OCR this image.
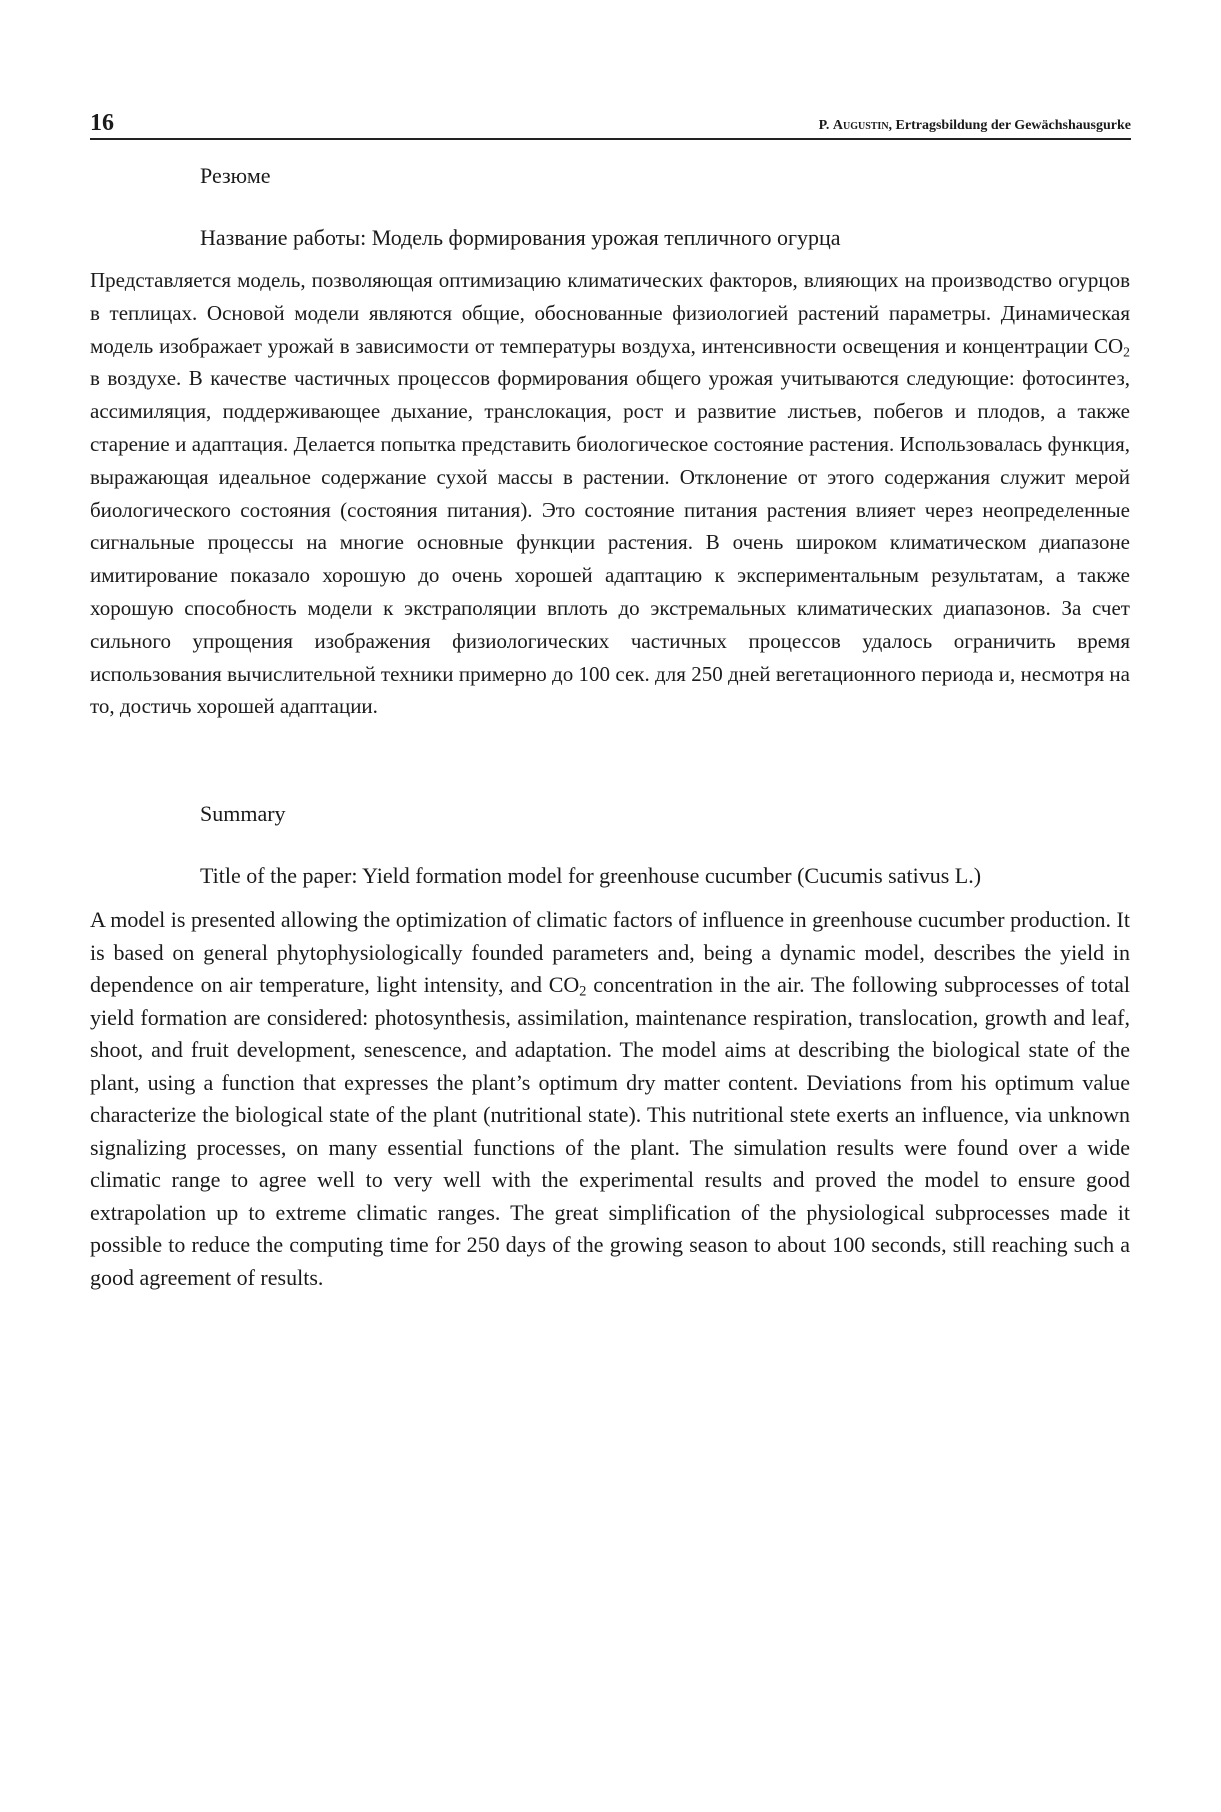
16	P. Augustin, Ertragsbildung der Gewächshausgurke

Резюме

Название работы: Модель формирования урожая тепличного огурца

Представляется модель, позволяющая оптимизацию климатических факторов, влияющих на производство огурцов в теплицах. Основой модели являются общие, обоснованные физиологией растений параметры. Динамическая модель изображает урожай в зависимости от температуры воздуха, интенсивности освещения и концентрации $CO_2$ в воздухе. В качестве частичных процессов формирования общего урожая учитываются следующие: фотосинтез, ассимиляция, поддерживающее дыхание, транслокация, рост и развитие листьев, побегов и плодов, а также старение и адаптация. Делается попытка представить биологическое состояние растения. Использовалась функция, выражающая идеальное содержание сухой массы в растении. Отклонение от этого содержания служит мерой биологического состояния (состояния питания). Это состояние питания растения влияет через неопределенные сигнальные процессы на многие основные функции растения. В очень широком климатическом диапазоне имитирование показало хорошую до очень хорошей адаптацию к экспериментальным результатам, а также хорошую способность модели к экстраполяции вплоть до экстремальных климатических диапазонов. За счет сильного упрощения изображения физиологических частичных процессов удалось ограничить время использования вычислительной техники примерно до 100 сек. для 250 дней вегетационного периода и, несмотря на то, достичь хорошей адаптации.

Summary

Title of the paper: Yield formation model for greenhouse cucumber (Cucumis sativus L.)

A model is presented allowing the optimization of climatic factors of influence in greenhouse cucumber production. It is based on general phytophysiologically founded parameters and, being a dynamic model, describes the yield in dependence on air temperature, light intensity, and $CO_2$ concentration in the air. The following subprocesses of total yield formation are considered: photosynthesis, assimilation, maintenance respiration, translocation, growth and leaf, shoot, and fruit development, senescence, and adaptation. The model aims at describing the biological state of the plant, using a function that expresses the plant’s optimum dry matter content. Deviations from his optimum value characterize the biological state of the plant (nutritional state). This nutritional stete exerts an influence, via unknown signalizing processes, on many essential functions of the plant. The simulation results were found over a wide climatic range to agree well to very well with the experimental results and proved the model to ensure good extrapolation up to extreme climatic ranges. The great simplification of the physiological subprocesses made it possible to reduce the computing time for 250 days of the growing season to about 100 seconds, still reaching such a good agreement of results.
